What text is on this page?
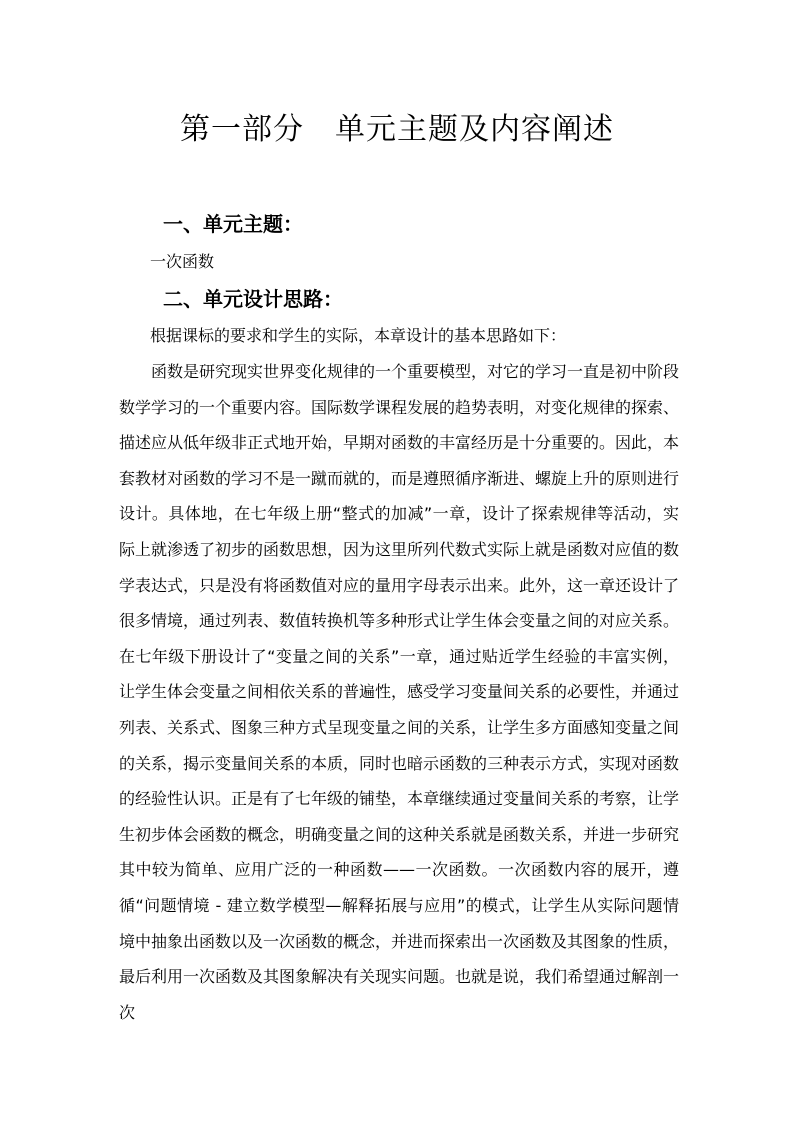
第一部分　单元主题及内容阐述
一、单元主题：
一次函数
二、单元设计思路：
根据课标的要求和学生的实际，本章设计的基本思路如下：

函数是研究现实世界变化规律的一个重要模型，对它的学习一直是初中阶段数学学习的一个重要内容。国际数学课程发展的趋势表明，对变化规律的探索、描述应从低年级非正式地开始，早期对函数的丰富经历是十分重要的。因此，本套教材对函数的学习不是一蹴而就的，而是遵照循序渐进、螺旋上升的原则进行设计。具体地，在七年级上册“整式的加减”一章，设计了探索规律等活动，实际上就渗透了初步的函数思想，因为这里所列代数式实际上就是函数对应值的数学表达式，只是没有将函数值对应的量用字母表示出来。此外，这一章还设计了很多情境，通过列表、数值转换机等多种形式让学生体会变量之间的对应关系。在七年级下册设计了“变量之间的关系”一章，通过贴近学生经验的丰富实例，让学生体会变量之间相依关系的普遍性，感受学习变量间关系的必要性，并通过列表、关系式、图象三种方式呈现变量之间的关系，让学生多方面感知变量之间的关系，揭示变量间关系的本质，同时也暗示函数的三种表示方式，实现对函数的经验性认识。正是有了七年级的铺垫，本章继续通过变量间关系的考察，让学生初步体会函数的概念，明确变量之间的这种关系就是函数关系，并进一步研究其中较为简单、应用广泛的一种函数——一次函数。一次函数内容的展开，遵循“问题情境 - 建立数学模型—解释拓展与应用”的模式，让学生从实际问题情境中抽象出函数以及一次函数的概念，并进而探索出一次函数及其图象的性质，最后利用一次函数及其图象解决有关现实问题。也就是说，我们希望通过解剖一次
